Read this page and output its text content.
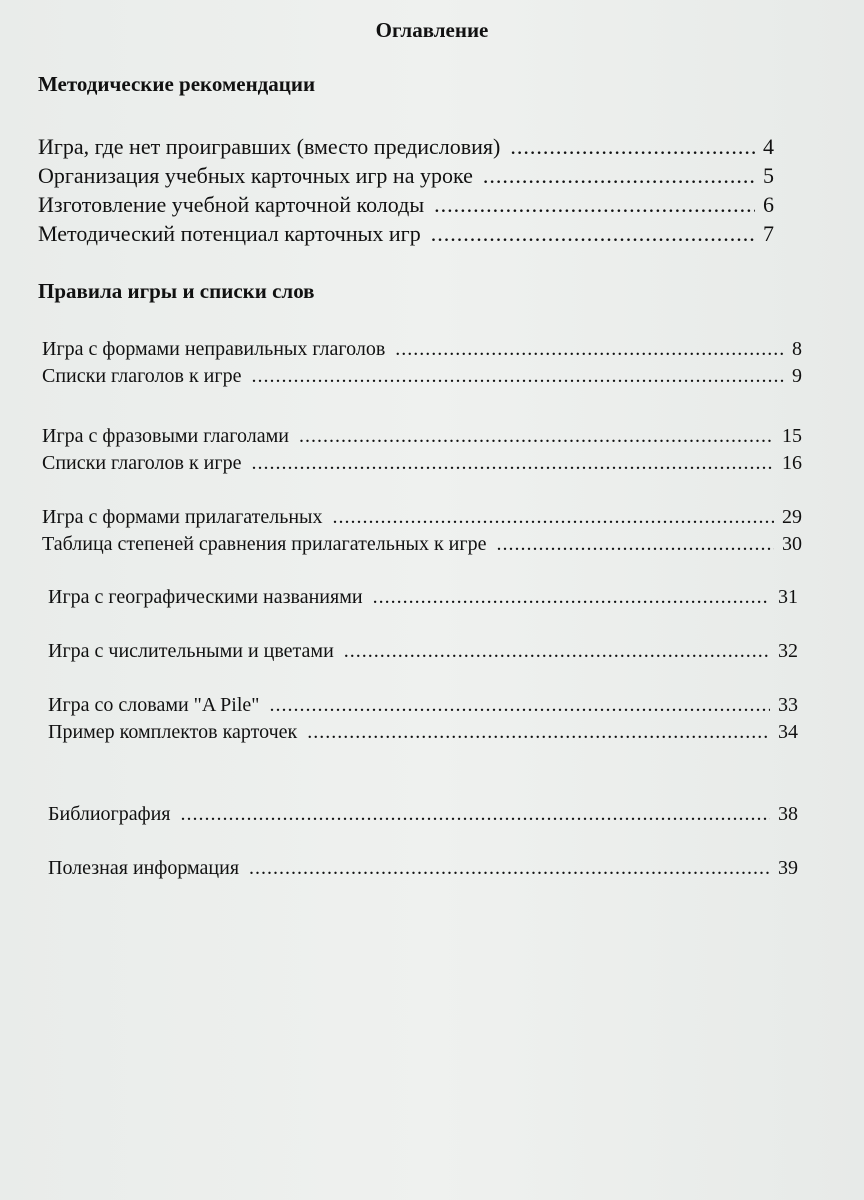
Оглавление
Методические рекомендации
Игра, где нет проигравших (вместо предисловия) .....	4
Организация учебных карточных игр на уроке .....	5
Изготовление учебной карточной колоды .....	6
Методический потенциал карточных игр .....	7
Правила игры и списки слов
Игра с формами неправильных глаголов .....	8
Списки глаголов к игре .....	9
Игра с фразовыми глаголами .....	15
Списки глаголов к игре .....	16
Игра с формами прилагательных .....	29
Таблица степеней сравнения прилагательных к игре .....	30
Игра с географическими названиями .....	31
Игра с числительными и цветами .....	32
Игра со словами "A Pile" .....	33
Пример комплектов карточек .....	34
Библиография .....	38
Полезная информация .....	39
